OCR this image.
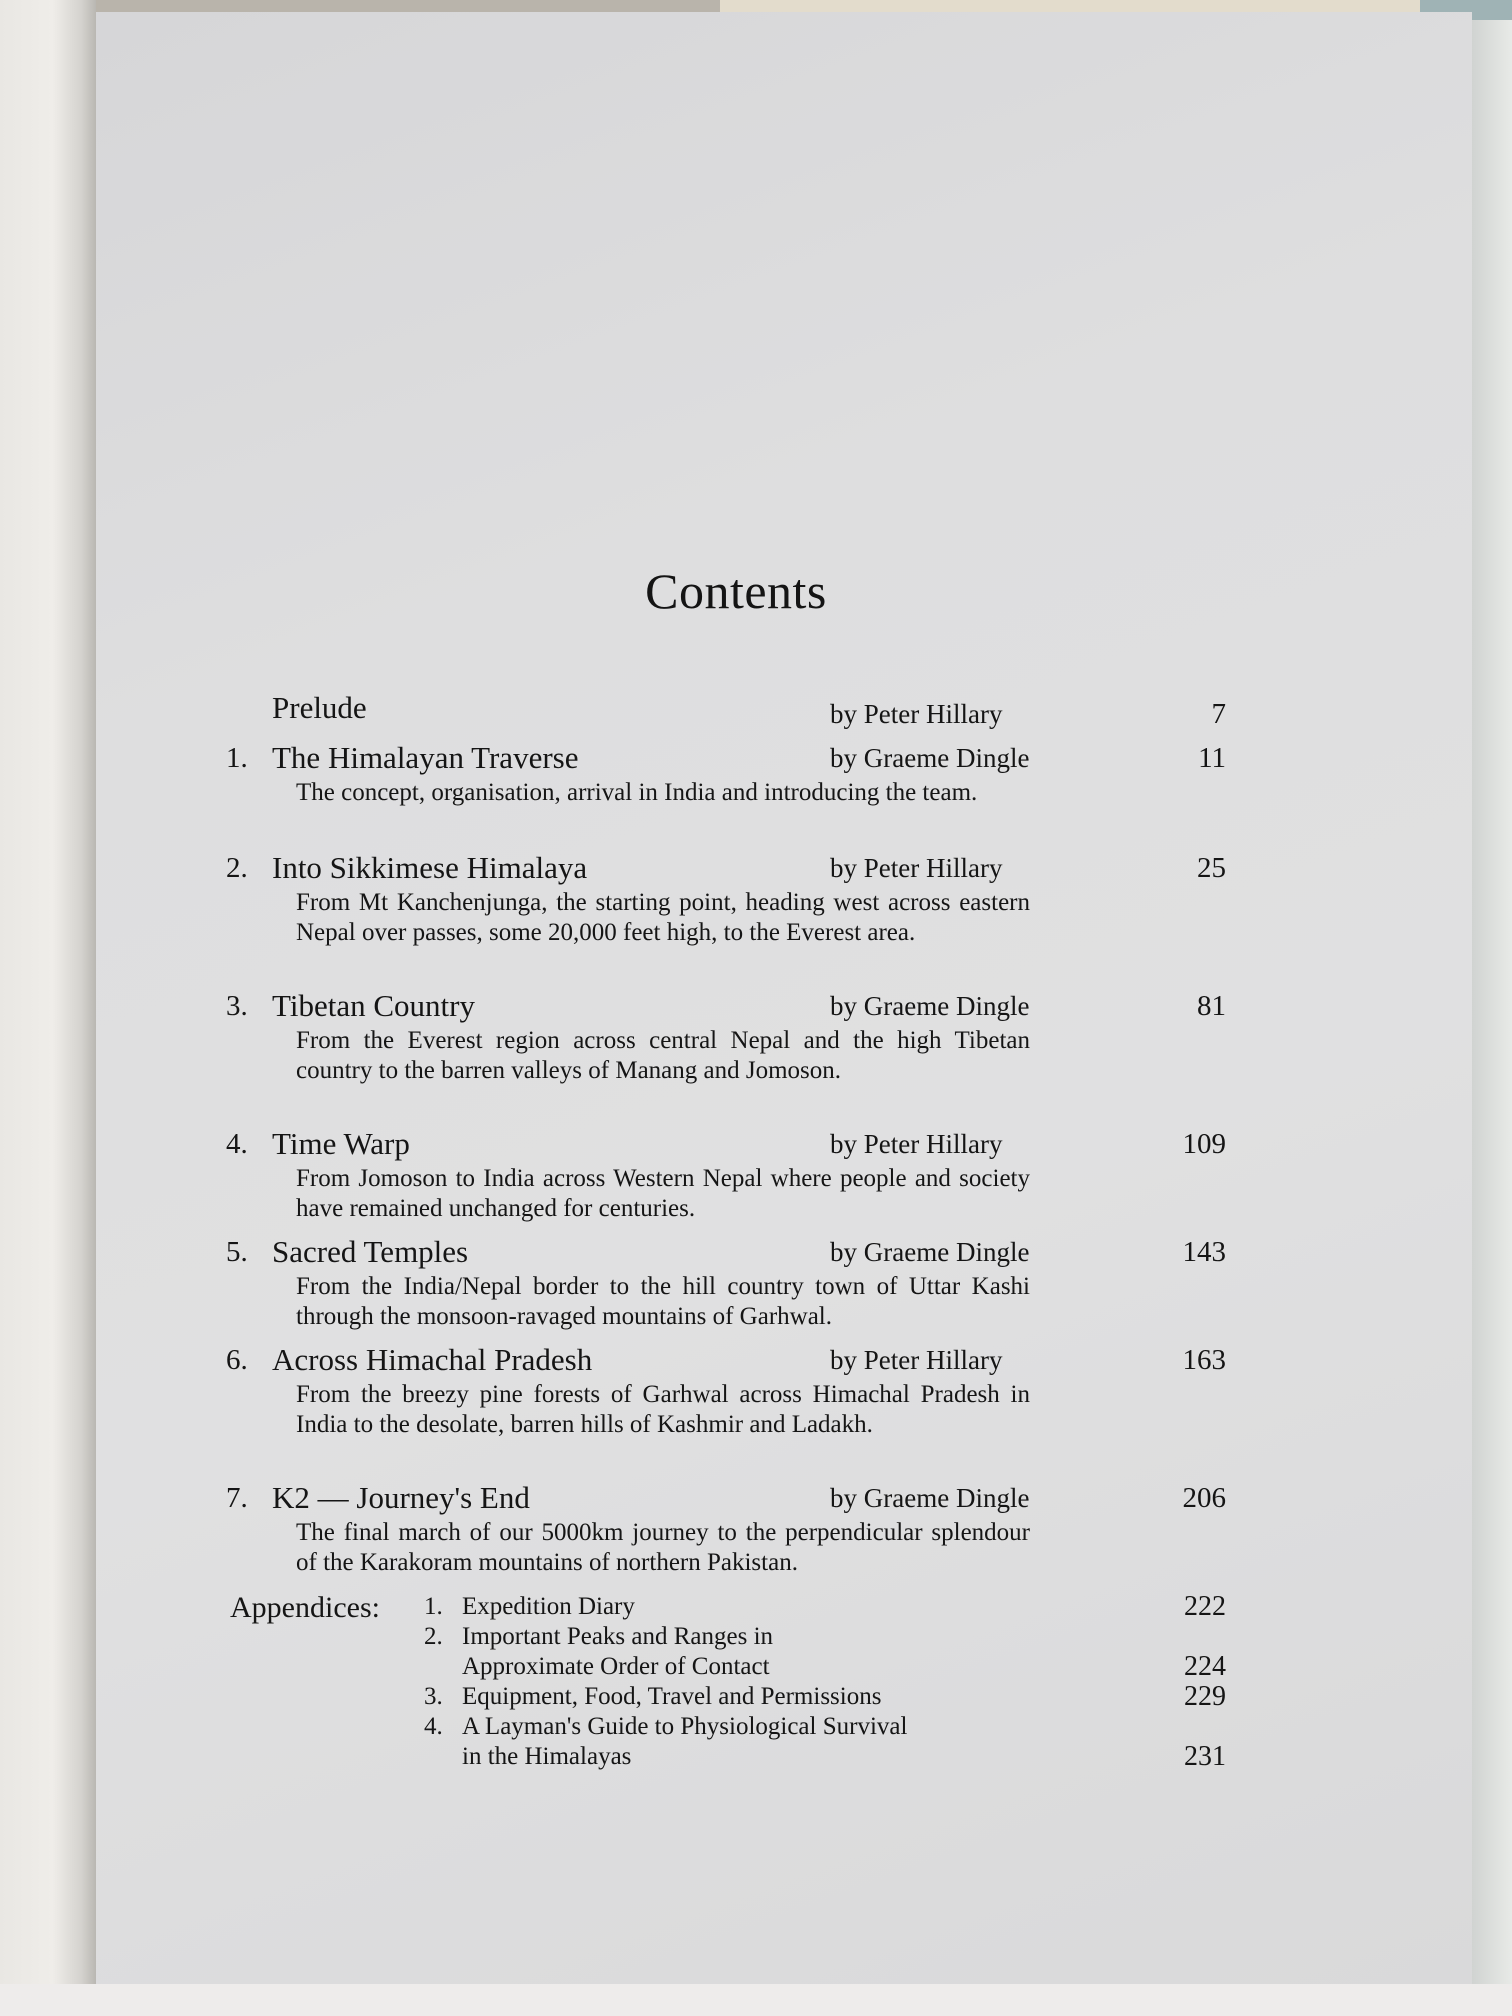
Contents
Prelude	by Peter Hillary	7
1. The Himalayan Traverse	by Graeme Dingle	11
The concept, organisation, arrival in India and introducing the team.
2. Into Sikkimese Himalaya	by Peter Hillary	25
From Mt Kanchenjunga, the starting point, heading west across eastern Nepal over passes, some 20,000 feet high, to the Everest area.
3. Tibetan Country	by Graeme Dingle	81
From the Everest region across central Nepal and the high Tibetan country to the barren valleys of Manang and Jomoson.
4. Time Warp	by Peter Hillary	109
From Jomoson to India across Western Nepal where people and society have remained unchanged for centuries.
5. Sacred Temples	by Graeme Dingle	143
From the India/Nepal border to the hill country town of Uttar Kashi through the monsoon-ravaged mountains of Garhwal.
6. Across Himachal Pradesh	by Peter Hillary	163
From the breezy pine forests of Garhwal across Himachal Pradesh in India to the desolate, barren hills of Kashmir and Ladakh.
7. K2 — Journey's End	by Graeme Dingle	206
The final march of our 5000km journey to the perpendicular splendour of the Karakoram mountains of northern Pakistan.
Appendices: 1. Expedition Diary	222
2. Important Peaks and Ranges in
Approximate Order of Contact	224
3. Equipment, Food, Travel and Permissions	229
4. A Layman's Guide to Physiological Survival
in the Himalayas	231
